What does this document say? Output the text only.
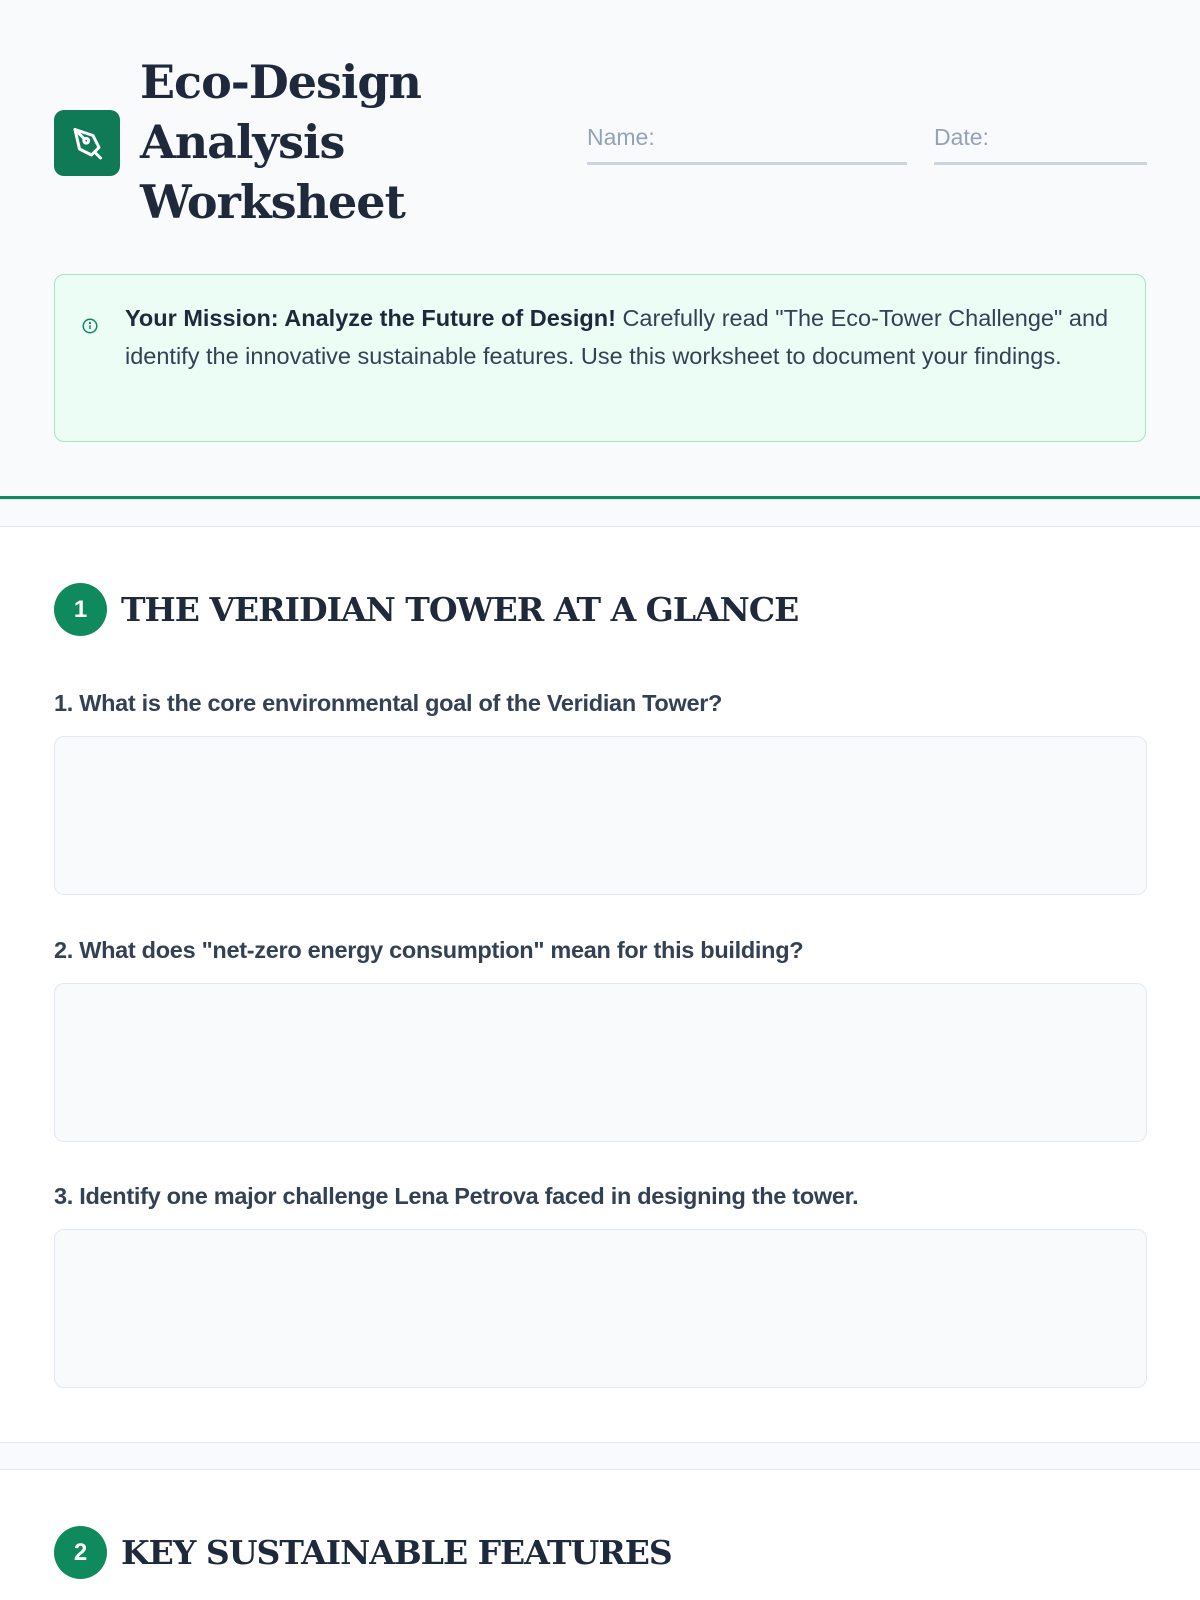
Eco-Design
Analysis
Worksheet
Name:
Date:

Your Mission: Analyze the Future of Design! Carefully read "The Eco-Tower Challenge" and identify the innovative sustainable features. Use this worksheet to document your findings.

1	THE VERIDIAN TOWER AT A GLANCE

1. What is the core environmental goal of the Veridian Tower?

2. What does "net-zero energy consumption" mean for this building?

3. Identify one major challenge Lena Petrova faced in designing the tower.

2	KEY SUSTAINABLE FEATURES
